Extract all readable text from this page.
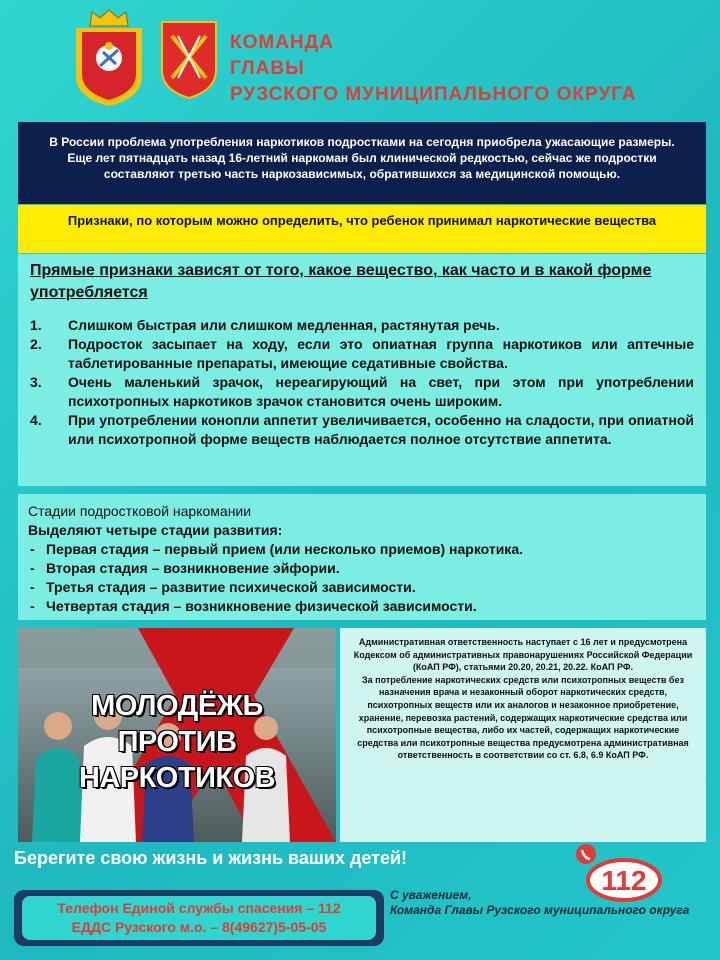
КОМАНДА
ГЛАВЫ
РУЗСКОГО МУНИЦИПАЛЬНОГО ОКРУГА
В России проблема употребления наркотиков подростками на сегодня приобрела ужасающие размеры. Еще лет пятнадцать назад 16-летний наркоман был клинической редкостью, сейчас же подростки составляют третью часть наркозависимых, обратившихся за медицинской помощью.
Признаки, по которым можно определить, что ребенок принимал наркотические вещества
Прямые признаки зависят от того, какое вещество, как часто и в какой форме употребляется
1. Слишком быстрая или слишком медленная, растянутая речь.
2. Подросток засыпает на ходу, если это опиатная группа наркотиков или аптечные таблетированные препараты, имеющие седативные свойства.
3. Очень маленький зрачок, нереагирующий на свет, при этом при употреблении психотропных наркотиков зрачок становится очень широким.
4. При употреблении конопли аппетит увеличивается, особенно на сладости, при опиатной или психотропной форме веществ наблюдается полное отсутствие аппетита.
Стадии подростковой наркомании
Выделяют четыре стадии развития:
- Первая стадия – первый прием (или несколько приемов) наркотика.
- Вторая стадия – возникновение эйфории.
- Третья стадия – развитие психической зависимости.
- Четвертая стадия – возникновение физической зависимости.
МОЛОДЁЖЬ
ПРОТИВ
НАРКОТИКОВ
Административная ответственность наступает с 16 лет и предусмотрена Кодексом об административных правонарушениях Российской Федерации (КоАП РФ), статьями 20.20, 20.21, 20.22. КоАП РФ.
За потребление наркотических средств или психотропных веществ без назначения врача и незаконный оборот наркотических средств, психотропных веществ или их аналогов и незаконное приобретение, хранение, перевозка растений, содержащих наркотические средства или психотропные вещества, либо их частей, содержащих наркотические средства или психотропные вещества предусмотрена административная ответственность в соответствии со ст. 6.8, 6.9 КоАП РФ.
Берегите свою жизнь и жизнь ваших детей!
Телефон Единой службы спасения – 112
ЕДДС Рузского м.о. – 8(49627)5-05-05
С уважением,
Команда Главы Рузского муниципального округа
112
